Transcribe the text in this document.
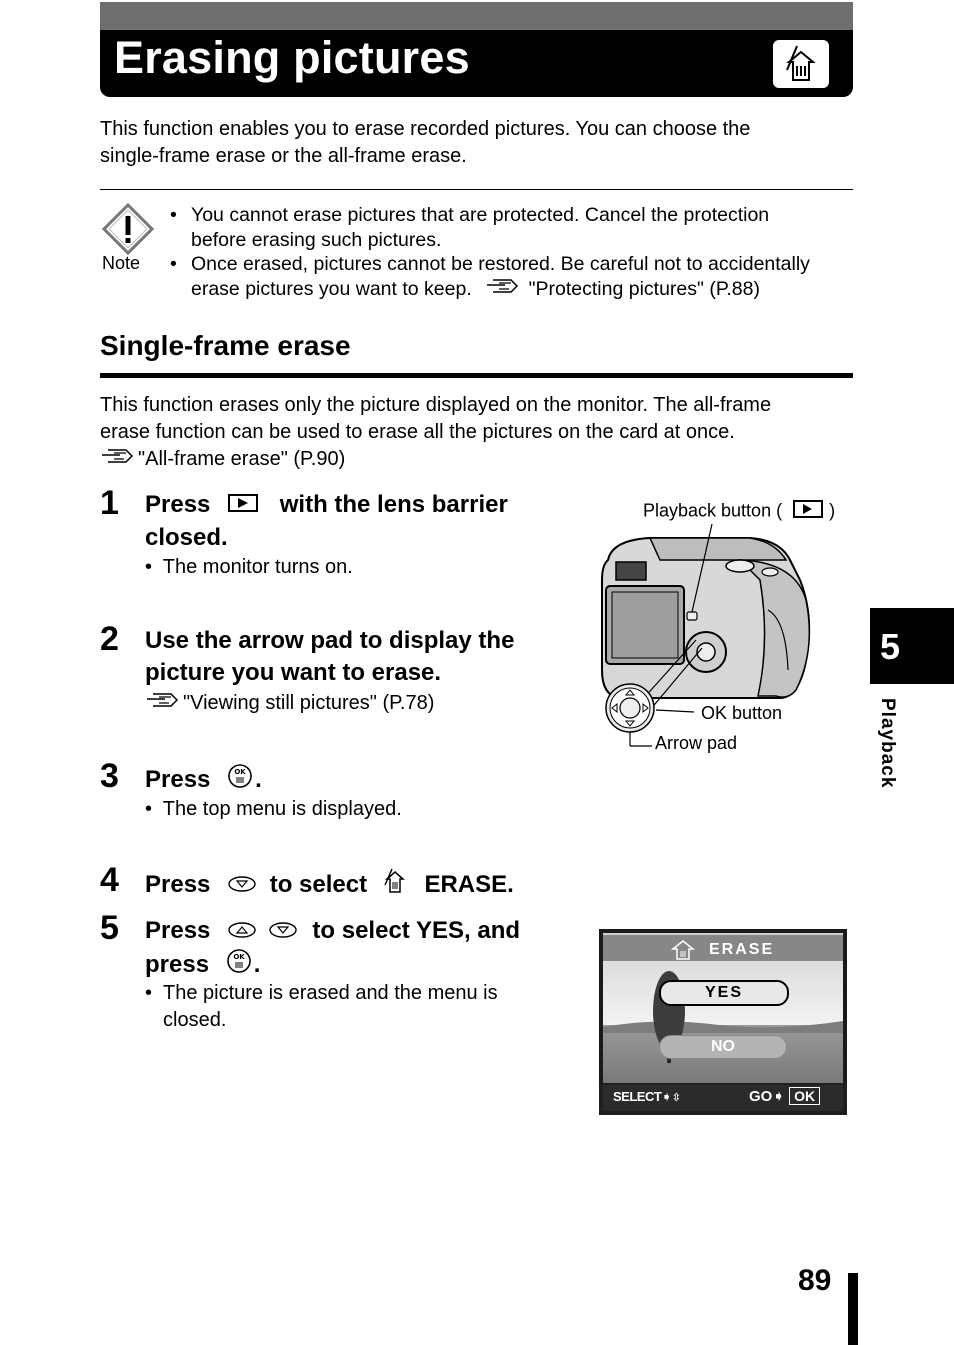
Erasing pictures
This function enables you to erase recorded pictures. You can choose the
single-frame erase or the all-frame erase.
Note
• You cannot erase pictures that are protected. Cancel the protection
before erasing such pictures.
• Once erased, pictures cannot be restored. Be careful not to accidentally
erase pictures you want to keep.	"Protecting pictures" (P.88)
Single-frame erase
This function erases only the picture displayed on the monitor. The all-frame
erase function can be used to erase all the pictures on the card at once.
"All-frame erase" (P.90)
1 Press	with the lens barrier
closed.
•  The monitor turns on.
2 Use the arrow pad to display the
picture you want to erase.
"Viewing still pictures" (P.78)
3 Press	OK .
•  The top menu is displayed.
4 Press to select ERASE.
5 Press	to select YES, and
press	OK .
• The picture is erased and the menu is
closed.
Playback button (	)
OK button
Arrow pad
ERASE
YES
NO
SELECT➧⇳	GO➧ OK
5
Playback
89
